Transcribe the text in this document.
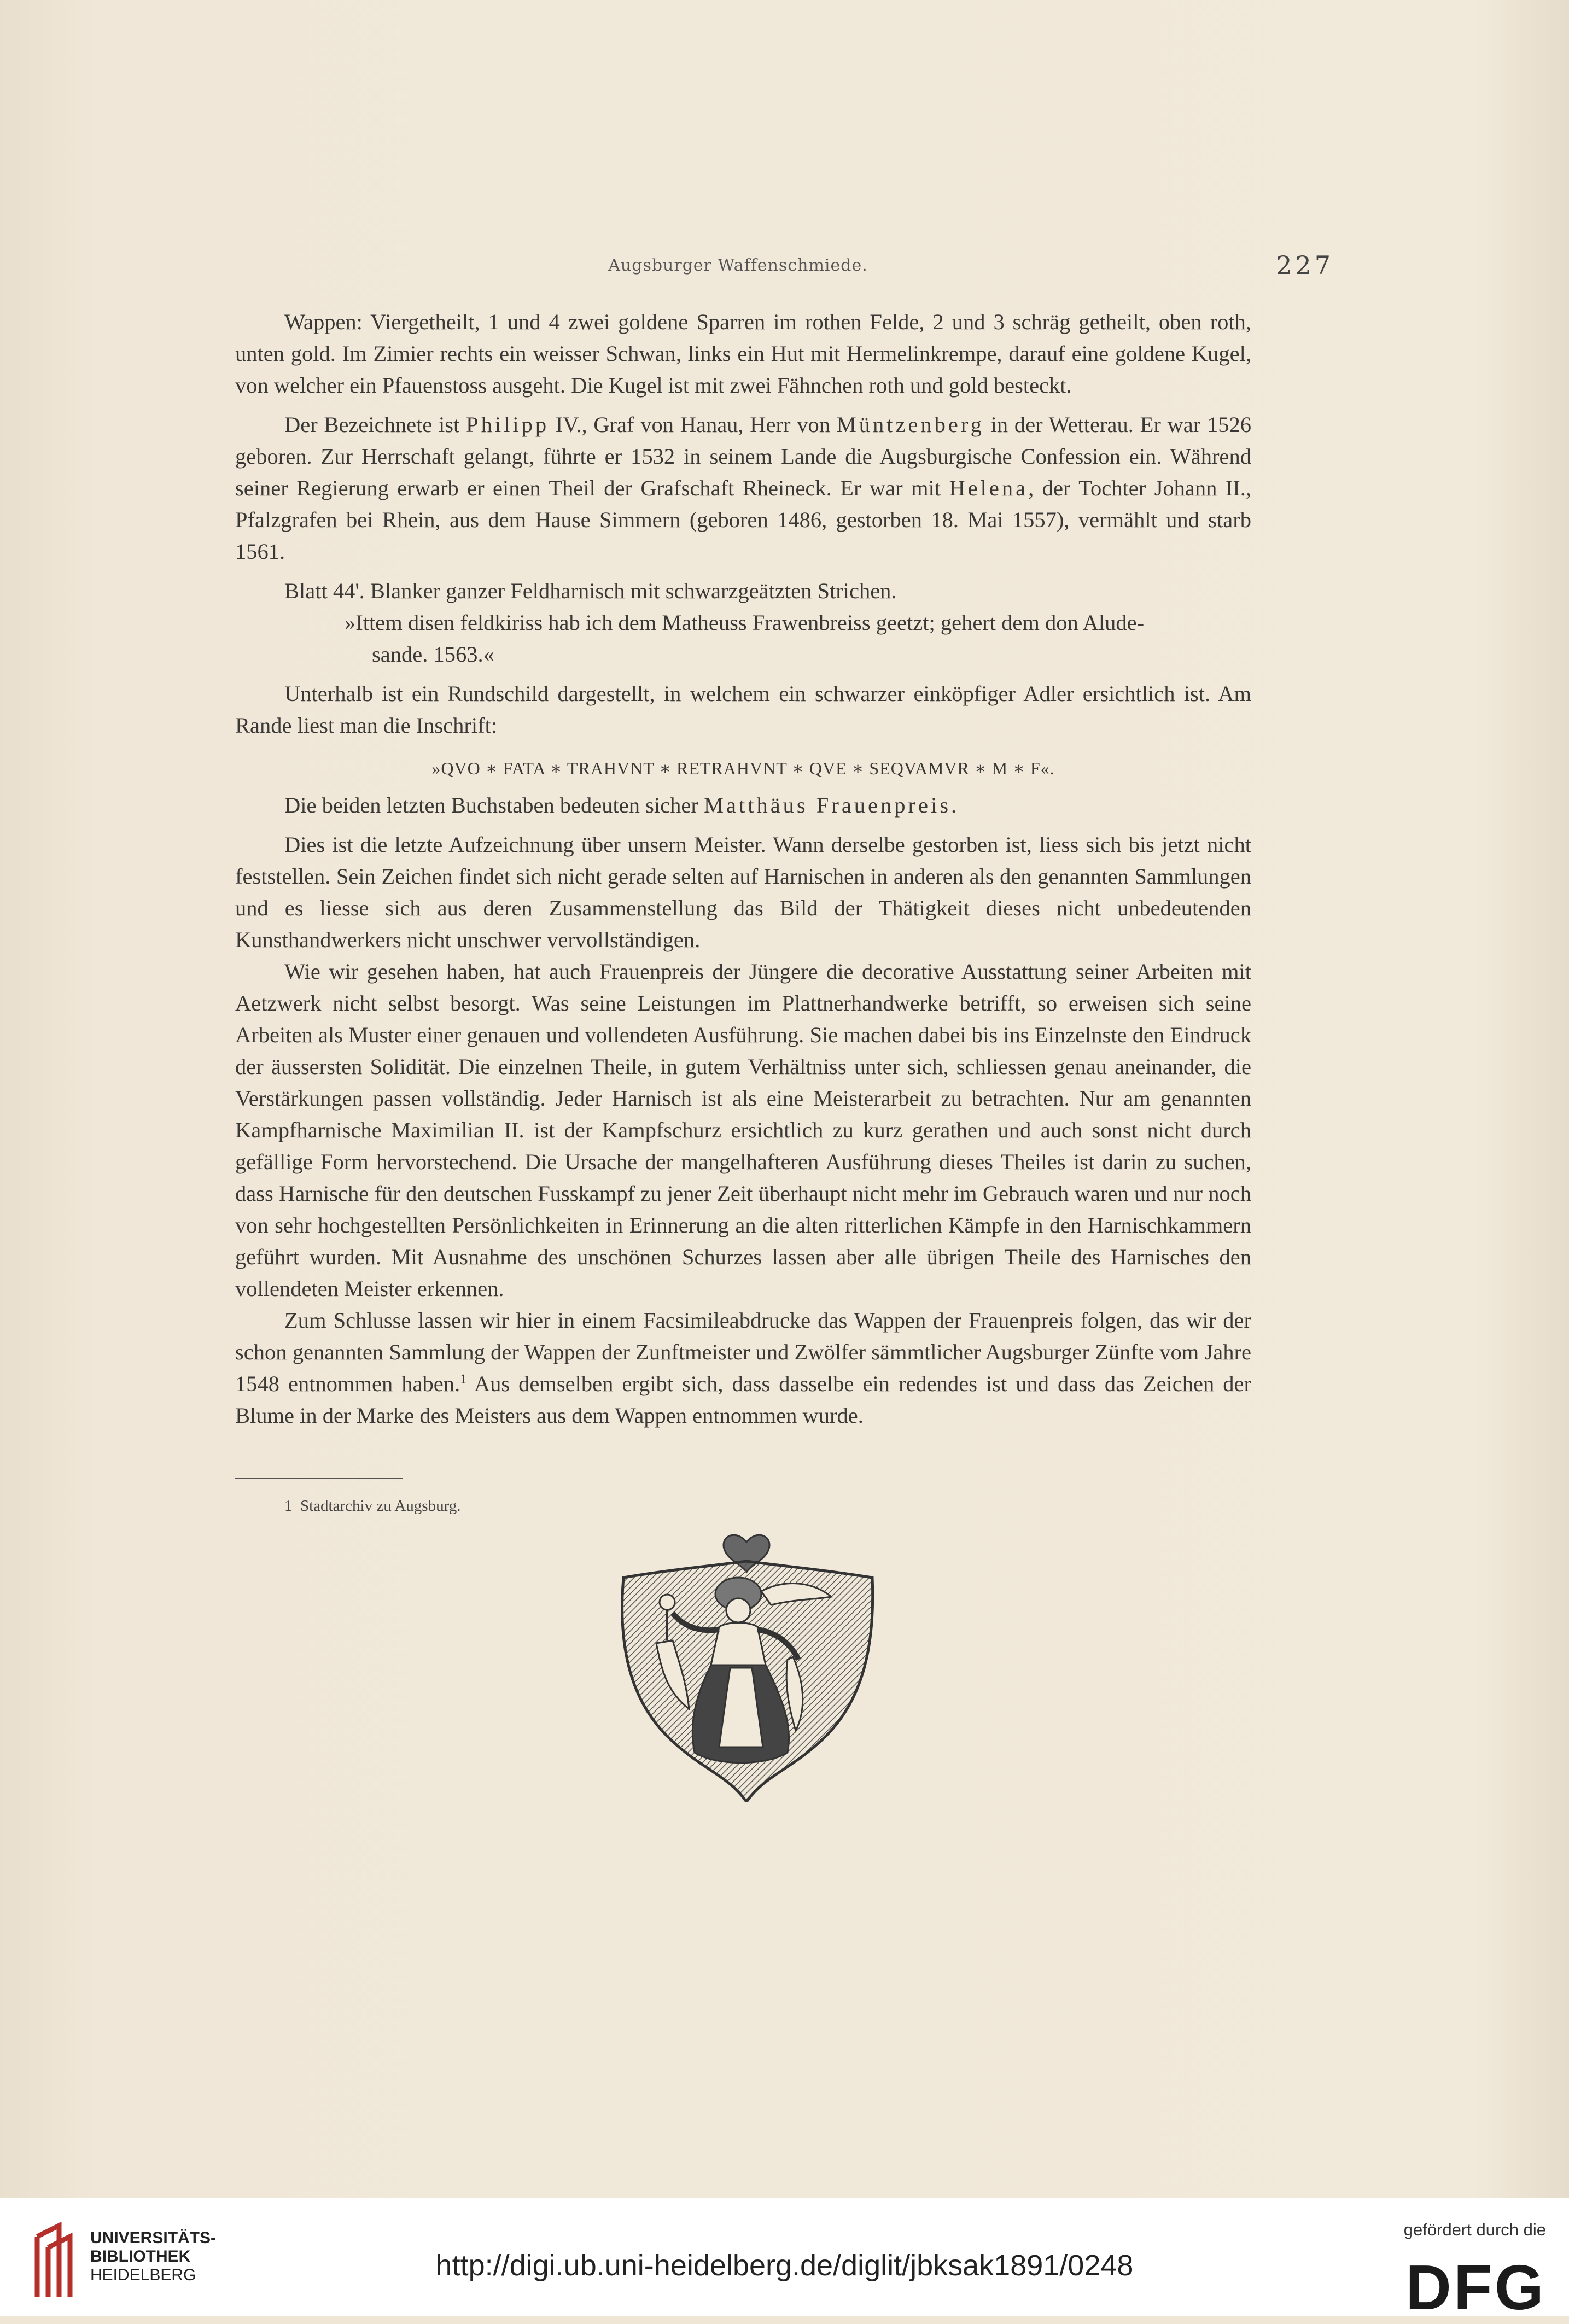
Augsburger Waffenschmiede.	227

Wappen: Viergetheilt, 1 und 4 zwei goldene Sparren im rothen Felde, 2 und 3 schräg getheilt, oben roth, unten gold. Im Zimier rechts ein weisser Schwan, links ein Hut mit Hermelinkrempe, darauf eine goldene Kugel, von welcher ein Pfauenstoss ausgeht. Die Kugel ist mit zwei Fähnchen roth und gold besteckt.

Der Bezeichnete ist Philipp IV., Graf von Hanau, Herr von Müntzenberg in der Wetterau. Er war 1526 geboren. Zur Herrschaft gelangt, führte er 1532 in seinem Lande die Augsburgische Confession ein. Während seiner Regierung erwarb er einen Theil der Grafschaft Rheineck. Er war mit Helena, der Tochter Johann II., Pfalzgrafen bei Rhein, aus dem Hause Simmern (geboren 1486, gestorben 18. Mai 1557), vermählt und starb 1561.

Blatt 44'. Blanker ganzer Feldharnisch mit schwarzgeätzten Strichen.

»Ittem disen feldkiriss hab ich dem Matheuss Frawenbreiss geetzt; gehert dem don Alude-

sande. 1563.«

Unterhalb ist ein Rundschild dargestellt, in welchem ein schwarzer einköpfiger Adler ersichtlich ist. Am Rande liest man die Inschrift:

»QVO ∗ FATA ∗ TRAHVNT ∗ RETRAHVNT ∗ QVE ∗ SEQVAMVR ∗ M ∗ F«.

Die beiden letzten Buchstaben bedeuten sicher Matthäus Frauenpreis.

Dies ist die letzte Aufzeichnung über unsern Meister. Wann derselbe gestorben ist, liess sich bis jetzt nicht feststellen. Sein Zeichen findet sich nicht gerade selten auf Harnischen in anderen als den genannten Sammlungen und es liesse sich aus deren Zusammenstellung das Bild der Thätigkeit dieses nicht unbedeutenden Kunsthandwerkers nicht unschwer vervollständigen.

Wie wir gesehen haben, hat auch Frauenpreis der Jüngere die decorative Ausstattung seiner Arbeiten mit Aetzwerk nicht selbst besorgt. Was seine Leistungen im Plattnerhandwerke betrifft, so erweisen sich seine Arbeiten als Muster einer genauen und vollendeten Ausführung. Sie machen dabei bis ins Einzelnste den Eindruck der äussersten Solidität. Die einzelnen Theile, in gutem Verhältniss unter sich, schliessen genau aneinander, die Verstärkungen passen vollständig. Jeder Harnisch ist als eine Meisterarbeit zu betrachten. Nur am genannten Kampfharnische Maximilian II. ist der Kampfschurz ersichtlich zu kurz gerathen und auch sonst nicht durch gefällige Form hervorstechend. Die Ursache der mangelhafteren Ausführung dieses Theiles ist darin zu suchen, dass Harnische für den deutschen Fusskampf zu jener Zeit überhaupt nicht mehr im Gebrauch waren und nur noch von sehr hochgestellten Persönlichkeiten in Erinnerung an die alten ritterlichen Kämpfe in den Harnischkammern geführt wurden. Mit Ausnahme des unschönen Schurzes lassen aber alle übrigen Theile des Harnisches den vollendeten Meister erkennen.

Zum Schlusse lassen wir hier in einem Facsimileabdrucke das Wappen der Frauenpreis folgen, das wir der schon genannten Sammlung der Wappen der Zunftmeister und Zwölfer sämmtlicher Augsburger Zünfte vom Jahre 1548 entnommen haben.$^1$ Aus demselben ergibt sich, dass dasselbe ein redendes ist und dass das Zeichen der Blume in der Marke des Meisters aus dem Wappen entnommen wurde.

1 Stadtarchiv zu Augsburg.
UNIVERSITÄTS-
BIBLIOTHEK
HEIDELBERG	http://digi.ub.uni-heidelberg.de/diglit/jbksak1891/0248
gefördert durch die
DFG
